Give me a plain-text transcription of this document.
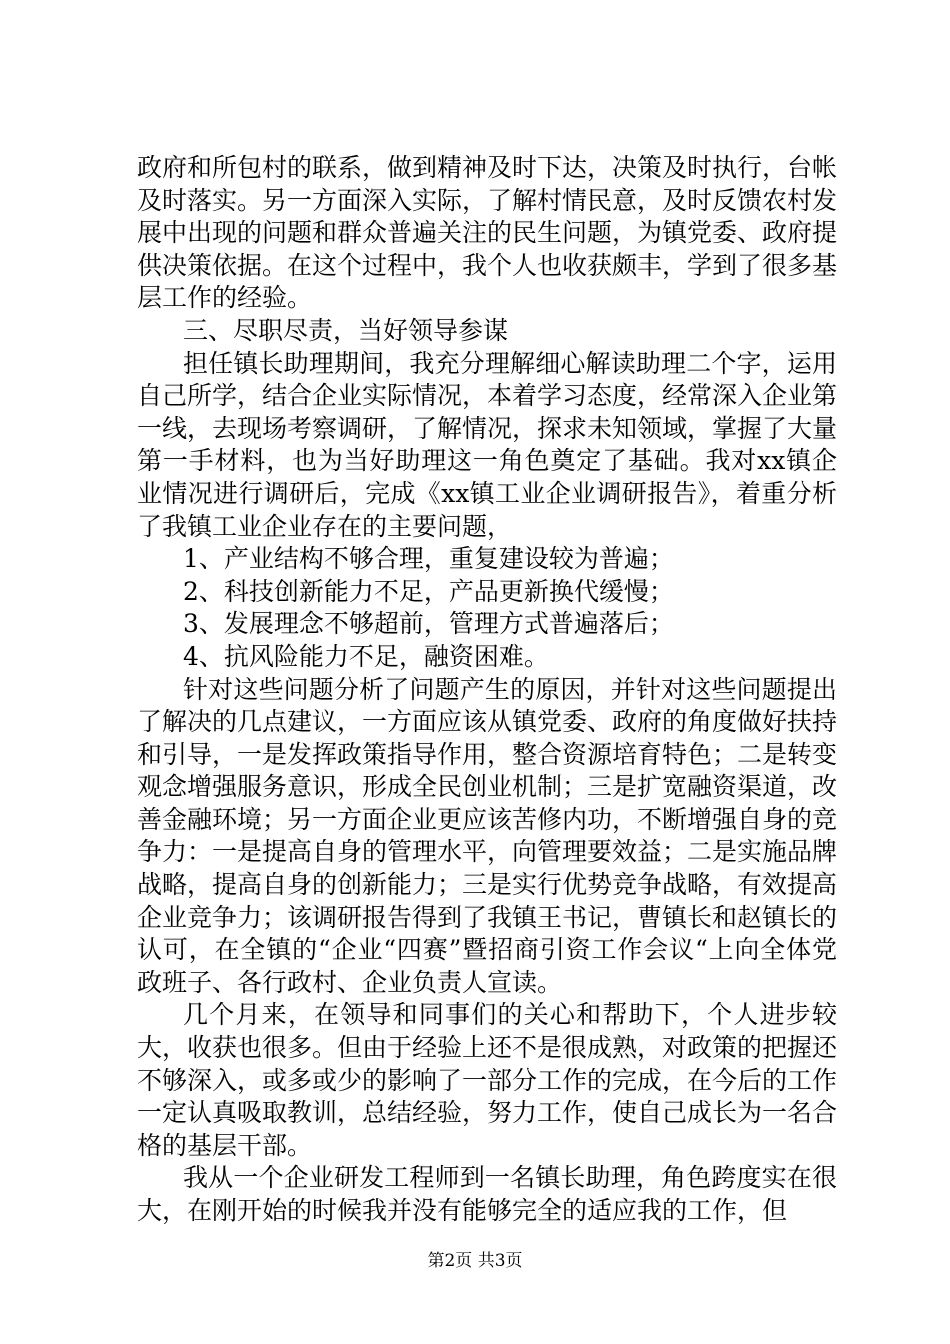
政府和所包村的联系，做到精神及时下达，决策及时执行，台帐及时落实。另一方面深入实际，了解村情民意，及时反馈农村发展中出现的问题和群众普遍关注的民生问题，为镇党委、政府提供决策依据。在这个过程中，我个人也收获颇丰，学到了很多基层工作的经验。

三、尽职尽责，当好领导参谋

担任镇长助理期间，我充分理解细心解读助理二个字，运用自己所学，结合企业实际情况，本着学习态度，经常深入企业第一线，去现场考察调研，了解情况，探求未知领域，掌握了大量第一手材料，也为当好助理这一角色奠定了基础。我对xx镇企业情况进行调研后，完成《xx镇工业企业调研报告》，着重分析了我镇工业企业存在的主要问题，

1、产业结构不够合理，重复建设较为普遍；

2、科技创新能力不足，产品更新换代缓慢；

3、发展理念不够超前，管理方式普遍落后；

4、抗风险能力不足，融资困难。

针对这些问题分析了问题产生的原因，并针对这些问题提出了解决的几点建议，一方面应该从镇党委、政府的角度做好扶持和引导，一是发挥政策指导作用，整合资源培育特色；二是转变观念增强服务意识，形成全民创业机制；三是扩宽融资渠道，改善金融环境；另一方面企业更应该苦修内功，不断增强自身的竞争力：一是提高自身的管理水平，向管理要效益；二是实施品牌战略，提高自身的创新能力；三是实行优势竞争战略，有效提高企业竞争力；该调研报告得到了我镇王书记，曹镇长和赵镇长的认可，在全镇的“企业“四赛”暨招商引资工作会议“上向全体党政班子、各行政村、企业负责人宣读。

几个月来，在领导和同事们的关心和帮助下，个人进步较大，收获也很多。但由于经验上还不是很成熟，对政策的把握还不够深入，或多或少的影响了一部分工作的完成，在今后的工作一定认真吸取教训，总结经验，努力工作，使自己成长为一名合格的基层干部。

我从一个企业研发工程师到一名镇长助理，角色跨度实在很大，在刚开始的时候我并没有能够完全的适应我的工作，但

第2页 共3页
